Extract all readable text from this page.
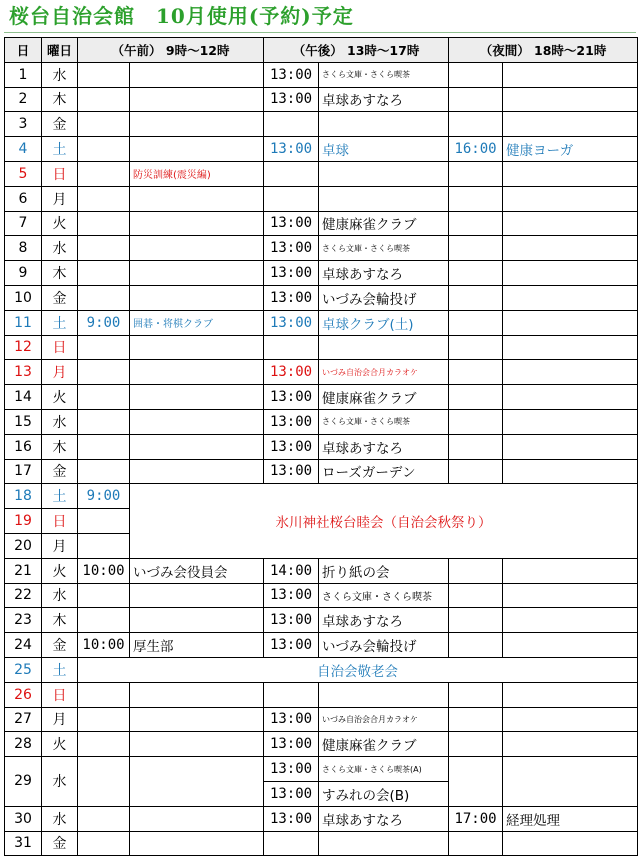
桜台自治会館　10月使用(予約)予定
日	曜日	（午前） 9時～12時		（午後） 13時～17時		（夜間） 18時～21時		
1	水			13:00	さくら文庫・さくら喫茶			
2	木			13:00	卓球あすなろ			
3	金							
4	土			13:00	卓球	16:00	健康ヨーガ	
5	日		防災訓練(震災編)					
6	月							
7	火			13:00	健康麻雀クラブ			
8	水			13:00	さくら文庫・さくら喫茶			
9	木			13:00	卓球あすなろ			
10	金			13:00	いづみ会輪投げ			
11	土	9:00	囲碁・将棋クラブ	13:00	卓球クラブ(土)			
12	日							
13	月			13:00	いづみ自治会合月カラオケ			
14	火			13:00	健康麻雀クラブ			
15	水			13:00	さくら文庫・さくら喫茶			
16	木			13:00	卓球あすなろ			
17	金			13:00	ローズガーデン			
18	土	9:00	氷川神社桜台睦会（自治会秋祭り）					
19	日							
20	月							
21	火	10:00	いづみ会役員会	14:00	折り紙の会			
22	水			13:00	さくら文庫・さくら喫茶			
23	木			13:00	卓球あすなろ			
24	金	10:00	厚生部	13:00	いづみ会輪投げ			
25	土	自治会敬老会						
26	日							
27	月			13:00	いづみ自治会合月カラオケ			
28	火			13:00	健康麻雀クラブ			
29	水			13:00	さくら文庫・さくら喫茶(A)			
				13:00	すみれの会(B)			
30	水			13:00	卓球あすなろ	17:00	経理処理	
31	金							
